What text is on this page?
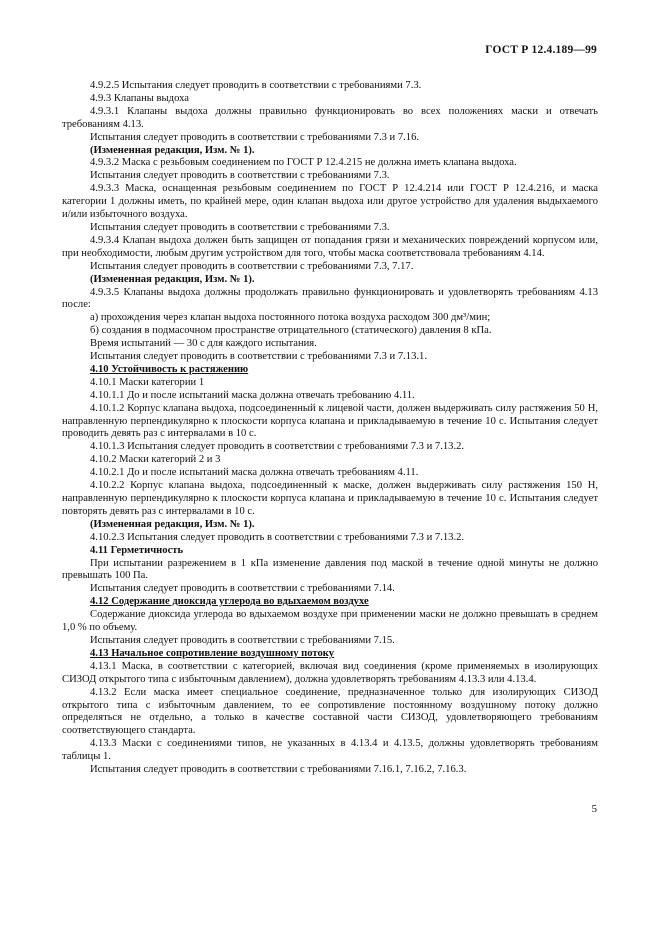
ГОСТ Р 12.4.189—99

4.9.2.5 Испытания следует проводить в соответствии с требованиями 7.3.

4.9.3 Клапаны выдоха

4.9.3.1 Клапаны выдоха должны правильно функционировать во всех положениях маски и отвечать требованиям 4.13.

Испытания следует проводить в соответствии с требованиями 7.3 и 7.16.

(Измененная редакция, Изм. № 1).

4.9.3.2 Маска с резьбовым соединением по ГОСТ Р 12.4.215 не должна иметь клапана выдоха.

Испытания следует проводить в соответствии с требованиями 7.3.

4.9.3.3 Маска, оснащенная резьбовым соединением по ГОСТ Р 12.4.214 или ГОСТ Р 12.4.216, и маска категории 1 должны иметь, по крайней мере, один клапан выдоха или другое устройство для удаления выдыхаемого и/или избыточного воздуха.

Испытания следует проводить в соответствии с требованиями 7.3.

4.9.3.4 Клапан выдоха должен быть защищен от попадания грязи и механических повреждений корпусом или, при необходимости, любым другим устройством для того, чтобы маска соответствовала требованиям 4.14.

Испытания следует проводить в соответствии с требованиями 7.3, 7.17.

(Измененная редакция, Изм. № 1).

4.9.3.5 Клапаны выдоха должны продолжать правильно функционировать и удовлетворять требованиям 4.13 после:

а) прохождения через клапан выдоха постоянного потока воздуха расходом 300 дм³/мин;

б) создания в подмасочном пространстве отрицательного (статического) давления 8 кПа.

Время испытаний — 30 с для каждого испытания.

Испытания следует проводить в соответствии с требованиями 7.3 и 7.13.1.

4.10 Устойчивость к растяжению

4.10.1 Маски категории 1

4.10.1.1 До и после испытаний маска должна отвечать требованию 4.11.

4.10.1.2 Корпус клапана выдоха, подсоединенный к лицевой части, должен выдерживать силу растяжения 50 Н, направленную перпендикулярно к плоскости корпуса клапана и прикладываемую в течение 10 с. Испытания следует проводить девять раз с интервалами в 10 с.

4.10.1.3 Испытания следует проводить в соответствии с требованиями 7.3 и 7.13.2.

4.10.2 Маски категорий 2 и 3

4.10.2.1 До и после испытаний маска должна отвечать требованиям 4.11.

4.10.2.2 Корпус клапана выдоха, подсоединенный к маске, должен выдерживать силу растяжения 150 Н, направленную перпендикулярно к плоскости корпуса клапана и прикладываемую в течение 10 с. Испытания следует повторять девять раз с интервалами в 10 с.

(Измененная редакция, Изм. № 1).

4.10.2.3 Испытания следует проводить в соответствии с требованиями 7.3 и 7.13.2.

4.11 Герметичность

При испытании разрежением в 1 кПа изменение давления под маской в течение одной минуты не должно превышать 100 Па.

Испытания следует проводить в соответствии с требованиями 7.14.

4.12 Содержание диоксида углерода во вдыхаемом воздухе

Содержание диоксида углерода во вдыхаемом воздухе при применении маски не должно превышать в среднем 1,0 % по объему.

Испытания следует проводить в соответствии с требованиями 7.15.

4.13 Начальное сопротивление воздушному потоку

4.13.1 Маска, в соответствии с категорией, включая вид соединения (кроме применяемых в изолирующих СИЗОД открытого типа с избыточным давлением), должна удовлетворять требованиям 4.13.3 или 4.13.4.

4.13.2 Если маска имеет специальное соединение, предназначенное только для изолирующих СИЗОД открытого типа с избыточным давлением, то ее сопротивление постоянному воздушному потоку должно определяться не отдельно, а только в качестве составной части СИЗОД, удовлетворяющего требованиям соответствующего стандарта.

4.13.3 Маски с соединениями типов, не указанных в 4.13.4 и 4.13.5, должны удовлетворять требованиям таблицы 1.

Испытания следует проводить в соответствии с требованиями 7.16.1, 7.16.2, 7.16.3.

5
